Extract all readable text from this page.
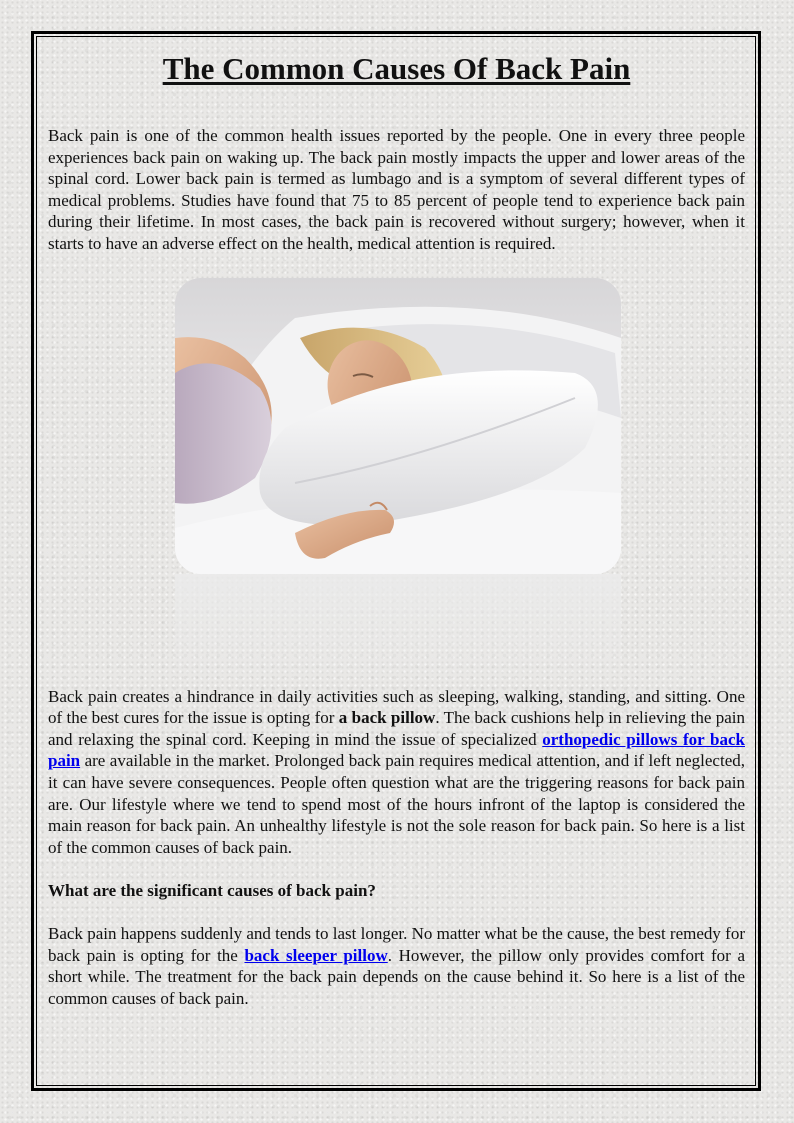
The Common Causes Of Back Pain

Back pain is one of the common health issues reported by the people. One in every three people experiences back pain on waking up. The back pain mostly impacts the upper and lower areas of the spinal cord. Lower back pain is termed as lumbago and is a symptom of several different types of medical problems. Studies have found that 75 to 85 percent of people tend to experience back pain during their lifetime. In most cases, the back pain is recovered without surgery; however, when it starts to have an adverse effect on the health, medical attention is required.

Back pain creates a hindrance in daily activities such as sleeping, walking, standing, and sitting. One of the best cures for the issue is opting for a back pillow. The back cushions help in relieving the pain and relaxing the spinal cord. Keeping in mind the issue of specialized orthopedic pillows for back pain are available in the market. Prolonged back pain requires medical attention, and if left neglected, it can have severe consequences. People often question what are the triggering reasons for back pain are. Our lifestyle where we tend to spend most of the hours infront of the laptop is considered the main reason for back pain. An unhealthy lifestyle is not the sole reason for back pain. So here is a list of the common causes of back pain.

What are the significant causes of back pain?

Back pain happens suddenly and tends to last longer. No matter what be the cause, the best remedy for back pain is opting for the back sleeper pillow. However, the pillow only provides comfort for a short while. The treatment for the back pain depends on the cause behind it. So here is a list of the common causes of back pain.
